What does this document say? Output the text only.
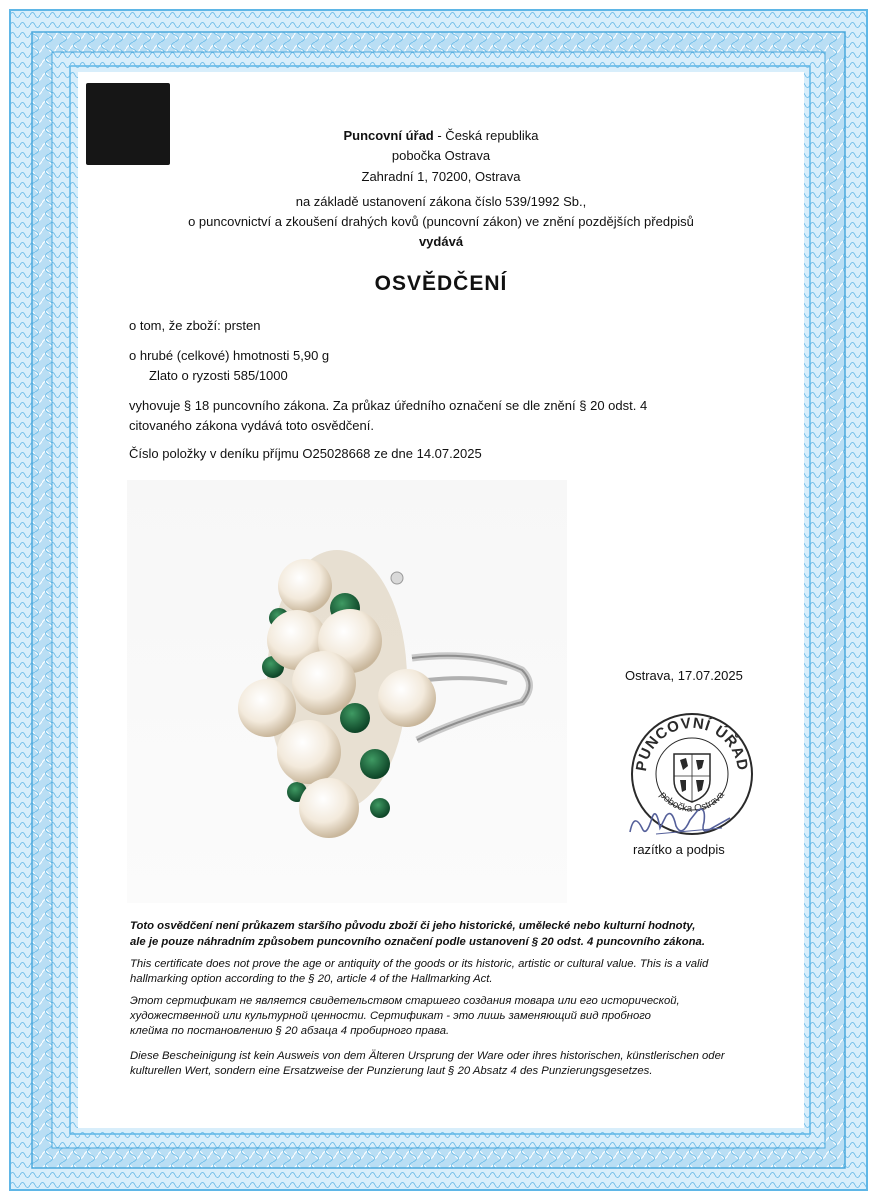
Puncovní úřad - Česká republika
pobočka Ostrava
Zahradní 1, 70200, Ostrava
na základě ustanovení zákona číslo 539/1992 Sb.,
o puncovnictví a zkoušení drahých kovů (puncovní zákon) ve znění pozdějších předpisů
vydává
OSVĚDČENÍ
o tom, že zboží: prsten
o hrubé (celkové) hmotnosti 5,90 g
Zlato o ryzosti 585/1000
vyhovuje § 18 puncovního zákona. Za průkaz úředního označení se dle znění § 20 odst. 4
citovaného zákona vydává toto osvědčení.
Číslo položky v deníku příjmu O25028668 ze dne 14.07.2025
Ostrava, 17.07.2025
PUNCOVNÍ ÚŘAD
pobočka Ostrava
razítko a podpis
Toto osvědčení není průkazem staršího původu zboží či jeho historické, umělecké nebo kulturní hodnoty,
ale je pouze náhradním způsobem puncovního označení podle ustanovení § 20 odst. 4 puncovního zákona.
This certificate does not prove the age or antiquity of the goods or its historic, artistic or cultural value. This is a valid
hallmarking option according to the § 20, article 4 of the Hallmarking Act.
Этот сертификат не является свидетельством старшего создания товара или его исторической,
художественной или культурной ценности. Сертификат - это лишь заменяющий вид пробного
клейма по постановлению § 20 абзаца 4 пробирного права.
Diese Bescheinigung ist kein Ausweis von dem Älteren Ursprung der Ware oder ihres historischen, künstlerischen oder
kulturellen Wert, sondern eine Ersatzweise der Punzierung laut § 20 Absatz 4 des Punzierungsgesetzes.
